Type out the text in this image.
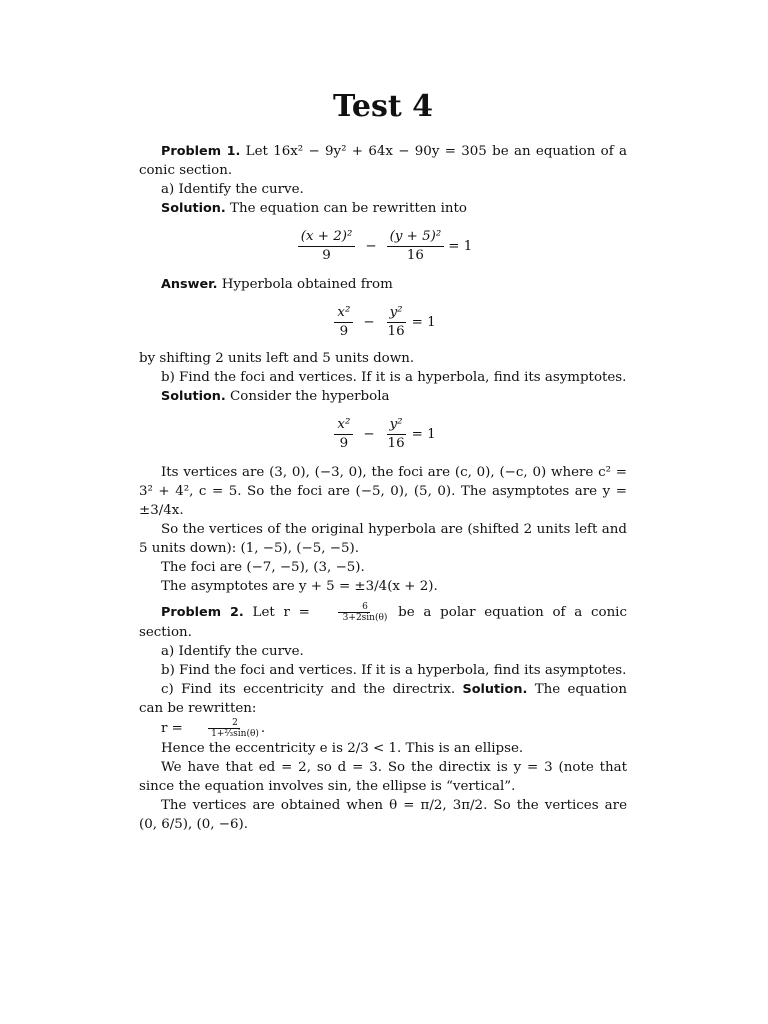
Test 4

Problem 1. Let 16x² − 9y² + 64x − 90y = 305 be an equation of a conic section.

a) Identify the curve.

Solution. The equation can be rewritten into

$\frac{\text{(x + 2)²}}{9} - \frac{\text{(y + 5)²}}{16} = 1$

Answer. Hyperbola obtained from

$\frac{\text{x²}}{9} - \frac{\text{y²}}{16} = 1$

by shifting 2 units left and 5 units down.

b) Find the foci and vertices. If it is a hyperbola, find its asymptotes.

Solution. Consider the hyperbola

$\frac{\text{x²}}{9} - \frac{\text{y²}}{16} = 1$

Its vertices are (3, 0), (−3, 0), the foci are (c, 0), (−c, 0) where c² = 3² + 4², c = 5. So the foci are (−5, 0), (5, 0). The asymptotes are y = ±3/4x.

So the vertices of the original hyperbola are (shifted 2 units left and 5 units down): (1, −5), (−5, −5).

The foci are (−7, −5), (3, −5).

The asymptotes are y + 5 = ±3/4(x + 2).

Problem 2. Let $r = \frac{6}{3+2\sin(\theta)}$ be a polar equation of a conic section.

a) Identify the curve.

b) Find the foci and vertices. If it is a hyperbola, find its asymptotes.

c) Find its eccentricity and the directrix. Solution. The equation can be rewritten:

$r = \frac{2}{\text{1+⅔sin(θ)}}$ .

Hence the eccentricity e is 2/3 < 1. This is an ellipse.

We have that ed = 2, so d = 3. So the directix is y = 3 (note that since the equation involves sin, the ellipse is “vertical”.

The vertices are obtained when θ = π/2, 3π/2. So the vertices are (0, 6/5), (0, −6).
